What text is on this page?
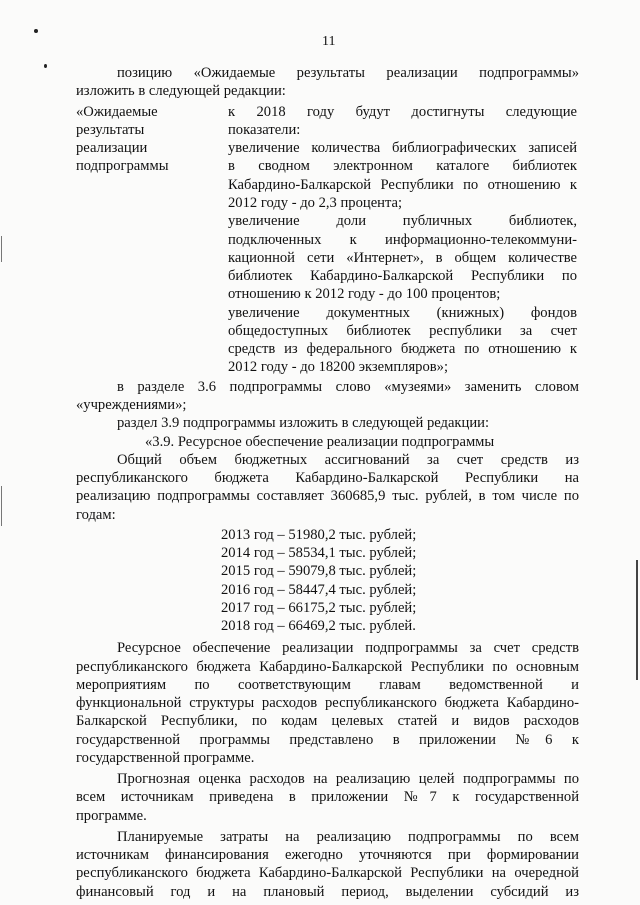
11
позицию «Ожидаемые результаты реализации подпрограммы»
изложить в следующей редакции:
«Ожидаемые
результаты
реализации
подпрограммы
к 2018 году будут достигнуты следующие
показатели:
увеличение количества библиографических записей
в сводном электронном каталоге библиотек
Кабардино-Балкарской Республики по отношению к
2012 году - до 2,3 процента;
увеличение доли публичных библиотек,
подключенных к информационно-телекоммуни-
кационной сети «Интернет», в общем количестве
библиотек Кабардино-Балкарской Республики по
отношению к 2012 году - до 100 процентов;
увеличение документных (книжных) фондов
общедоступных библиотек республики за счет
средств из федерального бюджета по отношению к
2012 году - до 18200 экземпляров»;
в разделе 3.6 подпрограммы слово «музеями» заменить словом
«учреждениями»;
раздел 3.9 подпрограммы изложить в следующей редакции:
«3.9. Ресурсное обеспечение реализации подпрограммы
Общий объем бюджетных ассигнований за счет средств из
республиканского бюджета Кабардино-Балкарской Республики на
реализацию подпрограммы составляет 360685,9 тыс. рублей, в том числе по
годам:
2013 год – 51980,2 тыс. рублей;
2014 год – 58534,1 тыс. рублей;
2015 год – 59079,8 тыс. рублей;
2016 год – 58447,4 тыс. рублей;
2017 год – 66175,2 тыс. рублей;
2018 год – 66469,2 тыс. рублей.
Ресурсное обеспечение реализации подпрограммы за счет средств
республиканского бюджета Кабардино-Балкарской Республики по основным
мероприятиям по соответствующим главам ведомственной и
функциональной структуры расходов республиканского бюджета Кабардино-
Балкарской Республики, по кодам целевых статей и видов расходов
государственной программы представлено в приложении №6 к
государственной программе.
Прогнозная оценка расходов на реализацию целей подпрограммы по
всем источникам приведена в приложении №7 к государственной
программе.
Планируемые затраты на реализацию подпрограммы по всем
источникам финансирования ежегодно уточняются при формировании
республиканского бюджета Кабардино-Балкарской Республики на очередной
финансовый год и на плановый период, выделении субсидий из
